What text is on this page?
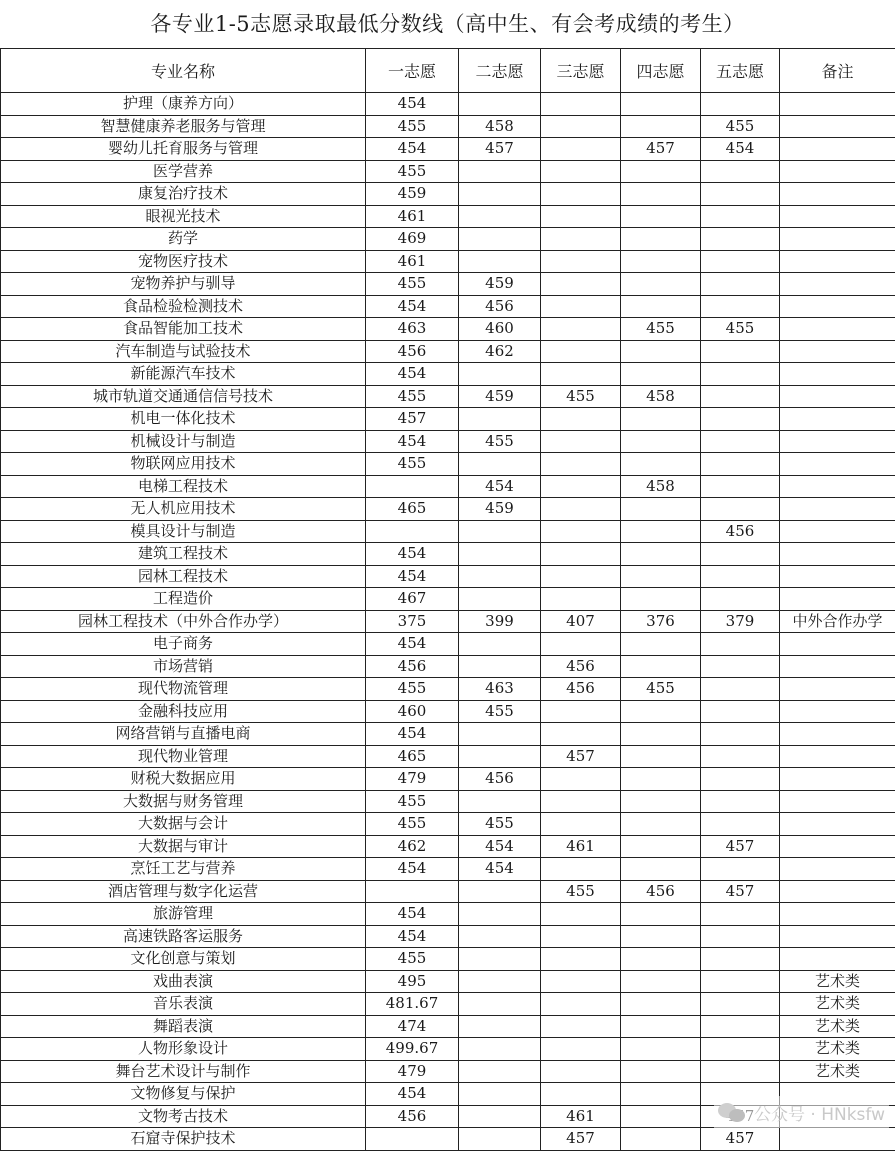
各专业1-5志愿录取最低分数线（高中生、有会考成绩的考生）
专业名称	一志愿	二志愿	三志愿	四志愿	五志愿	备注
护理（康养方向）	454					
智慧健康养老服务与管理	455	458			455	
婴幼儿托育服务与管理	454	457		457	454	
医学营养	455					
康复治疗技术	459					
眼视光技术	461					
药学	469					
宠物医疗技术	461					
宠物养护与驯导	455	459				
食品检验检测技术	454	456				
食品智能加工技术	463	460		455	455	
汽车制造与试验技术	456	462				
新能源汽车技术	454					
城市轨道交通通信信号技术	455	459	455	458		
机电一体化技术	457					
机械设计与制造	454	455				
物联网应用技术	455					
电梯工程技术		454		458		
无人机应用技术	465	459				
模具设计与制造					456	
建筑工程技术	454					
园林工程技术	454					
工程造价	467					
园林工程技术（中外合作办学）	375	399	407	376	379	中外合作办学
电子商务	454					
市场营销	456		456			
现代物流管理	455	463	456	455		
金融科技应用	460	455				
网络营销与直播电商	454					
现代物业管理	465		457			
财税大数据应用	479	456				
大数据与财务管理	455					
大数据与会计	455	455				
大数据与审计	462	454	461		457	
烹饪工艺与营养	454	454				
酒店管理与数字化运营			455	456	457	
旅游管理	454					
高速铁路客运服务	454					
文化创意与策划	455					
戏曲表演	495					艺术类
音乐表演	481.67					艺术类
舞蹈表演	474					艺术类
人物形象设计	499.67					艺术类
舞台艺术设计与制作	479					艺术类
文物修复与保护	454					
文物考古技术	456		461			
石窟寺保护技术			457		457	
公众号 · HNksfw
